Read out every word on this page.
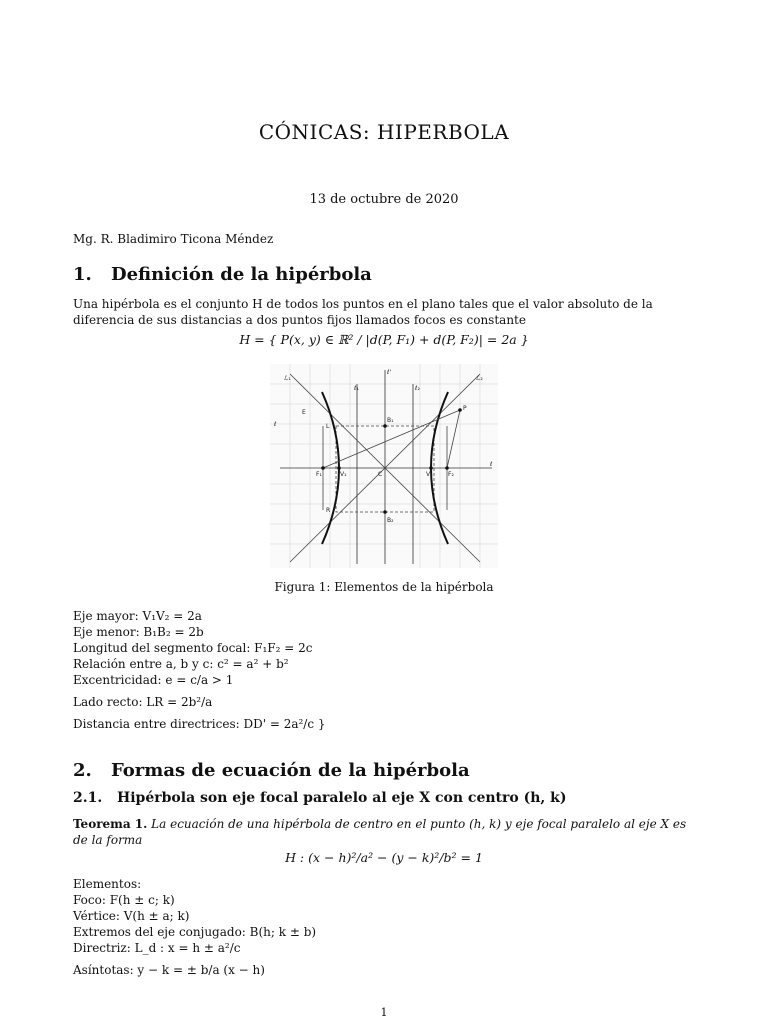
CÓNICAS: HIPERBOLA
13 de octubre de 2020
Mg. R. Bladimiro Ticona Méndez
1. Definición de la hipérbola
Una hipérbola es el conjunto H de todos los puntos en el plano tales que el valor absoluto de la diferencia de sus distancias a dos puntos fijos llamados focos es constante
H = { P(x, y) ∈ ℝ² / |d(P, F₁) + d(P, F₂)| = 2a }
ℒ₁	ℒ₂
ℓ₁
ℓ'
ℓ₂
ℓ
ℓ
E
L
F₁	V₁	C	V₂	F₂
B₁
B₂
P
R
Figura 1: Elementos de la hipérbola
Eje mayor: V₁V₂ = 2a
Eje menor: B₁B₂ = 2b
Longitud del segmento focal: F₁F₂ = 2c
Relación entre a, b y c: c² = a² + b²
Excentricidad: e = c/a > 1
Lado recto: LR = 2b²/a
Distancia entre directrices: DD' = 2a²/c }
2. Formas de ecuación de la hipérbola
2.1. Hipérbola son eje focal paralelo al eje X con centro (h, k)
Teorema 1. La ecuación de una hipérbola de centro en el punto (h, k) y eje focal paralelo al eje X es de la forma
H : (x − h)²/a² − (y − k)²/b² = 1
Elementos:
Foco: F(h ± c; k)
Vértice: V(h ± a; k)
Extremos del eje conjugado: B(h; k ± b)
Directriz: L_d : x = h ± a²/c
Asíntotas: y − k = ± b/a (x − h)
1
